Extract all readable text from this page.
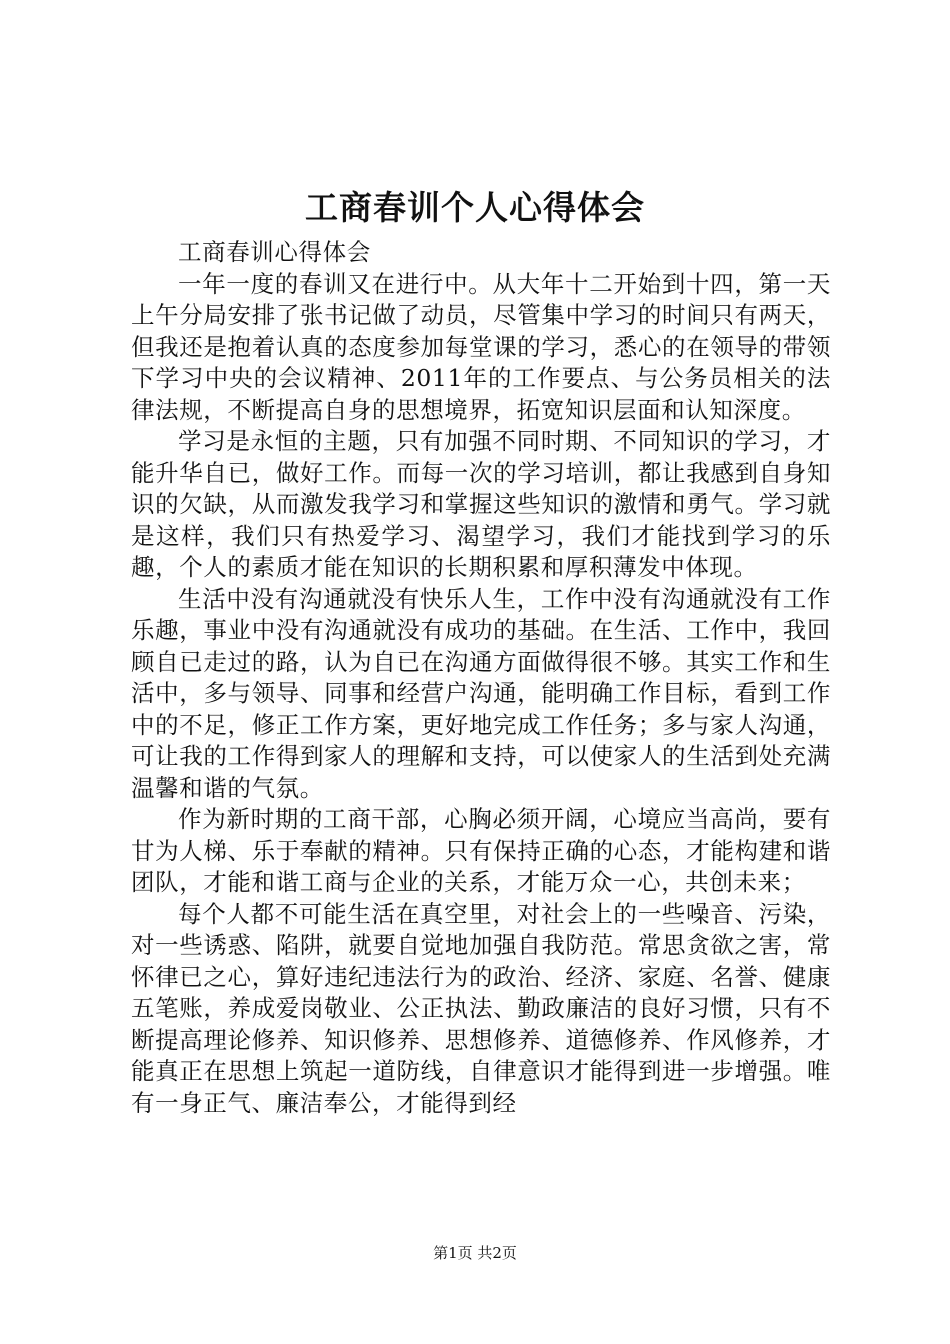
工商春训个人心得体会

工商春训心得体会

一年一度的春训又在进行中。从大年十二开始到十四，第一天上午分局安排了张书记做了动员，尽管集中学习的时间只有两天，但我还是抱着认真的态度参加每堂课的学习，悉心的在领导的带领下学习中央的会议精神、2011年的工作要点、与公务员相关的法律法规，不断提高自身的思想境界，拓宽知识层面和认知深度。

学习是永恒的主题，只有加强不同时期、不同知识的学习，才能升华自已，做好工作。而每一次的学习培训，都让我感到自身知识的欠缺，从而激发我学习和掌握这些知识的激情和勇气。学习就是这样，我们只有热爱学习、渴望学习，我们才能找到学习的乐趣，个人的素质才能在知识的长期积累和厚积薄发中体现。

生活中没有沟通就没有快乐人生，工作中没有沟通就没有工作乐趣，事业中没有沟通就没有成功的基础。在生活、工作中，我回顾自已走过的路，认为自已在沟通方面做得很不够。其实工作和生活中，多与领导、同事和经营户沟通，能明确工作目标，看到工作中的不足，修正工作方案，更好地完成工作任务；多与家人沟通，可让我的工作得到家人的理解和支持，可以使家人的生活到处充满温馨和谐的气氛。

作为新时期的工商干部，心胸必须开阔，心境应当高尚，要有甘为人梯、乐于奉献的精神。只有保持正确的心态，才能构建和谐团队，才能和谐工商与企业的关系，才能万众一心，共创未来；

每个人都不可能生活在真空里，对社会上的一些噪音、污染，对一些诱惑、陷阱，就要自觉地加强自我防范。常思贪欲之害，常怀律已之心，算好违纪违法行为的政治、经济、家庭、名誉、健康五笔账，养成爱岗敬业、公正执法、勤政廉洁的良好习惯，只有不断提高理论修养、知识修养、思想修养、道德修养、作风修养，才能真正在思想上筑起一道防线，自律意识才能得到进一步增强。唯有一身正气、廉洁奉公，才能得到经

第1页 共2页
